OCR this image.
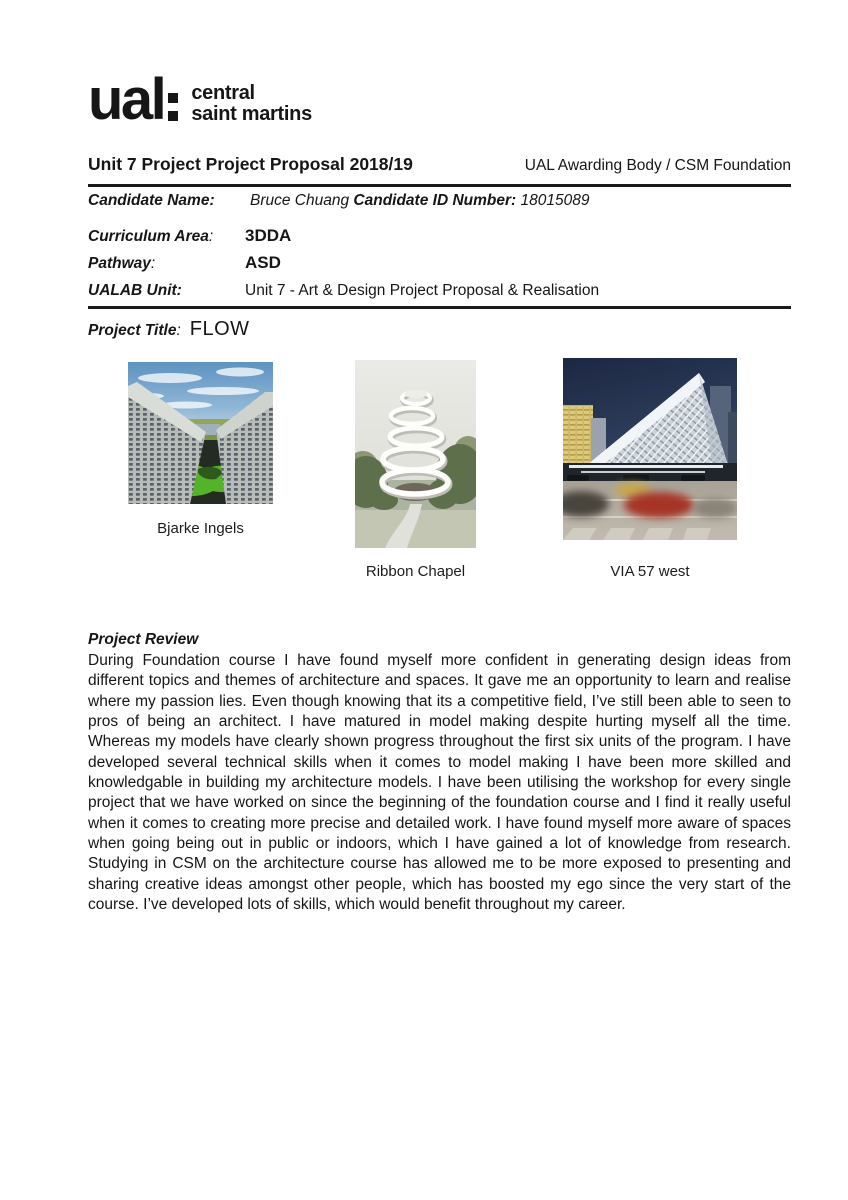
ual central
saint martins
Unit 7 Project Project Proposal 2018/19	UAL Awarding Body / CSM Foundation
Candidate Name: Bruce Chuang Candidate ID Number: 18015089
Curriculum Area:	3DDA
Pathway:	ASD
UALAB Unit:	Unit 7 - Art & Design Project Proposal & Realisation
Project Title: FLOW
Bjarke Ingels
Ribbon Chapel	VIA 57 west
Project Review
During Foundation course I have found myself more confident in generating design ideas from different topics and themes of architecture and spaces. It gave me an opportunity to learn and realise where my passion lies. Even though knowing that its a competitive field, I’ve still been able to seen to pros of being an architect. I have matured in model making despite hurting myself all the time. Whereas my models have clearly shown progress throughout the first six units of the program. I have developed several technical skills when it comes to model making I have been more skilled and knowledgable in building my architecture models. I have been utilising the workshop for every single project that we have worked on since the beginning of the foundation course and I find it really useful when it comes to creating more precise and detailed work. I have found myself more aware of spaces when going being out in public or indoors, which I have gained a lot of knowledge from research. Studying in CSM on the architecture course has allowed me to be more exposed to presenting and sharing creative ideas amongst other people, which has boosted my ego since the very start of the course. I’ve developed lots of skills, which would benefit throughout my career.
